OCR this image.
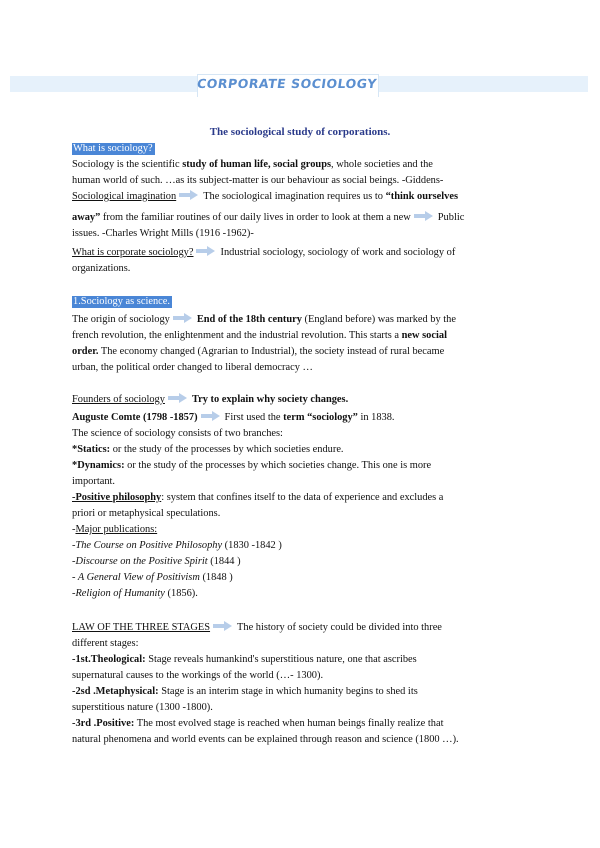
CORPORATE SOCIOLOGY
The sociological study of corporations.
What is sociology?
Sociology is the scientific study of human life, social groups, whole societies and the
human world of such. …as its subject-matter is our behaviour as social beings. -Giddens-
Sociological imagination	The sociological imagination requires us to “think ourselves
away” from the familiar routines of our daily lives in order to look at them a new	Public
issues. -Charles Wright Mills (1916 -1962)-
What is corporate sociology?	Industrial sociology, sociology of work and sociology of
organizations.
1.Sociology as science.
The origin of sociology	End of the 18th century (England before) was marked by the
french revolution, the enlightenment and the industrial revolution. This starts a new social
order. The economy changed (Agrarian to Industrial), the society instead of rural became
urban, the political order changed to liberal democracy …
Founders of sociology	Try to explain why society changes.
Auguste Comte (1798 -1857)	First used the term “sociology” in 1838.
The science of sociology consists of two branches:
*Statics: or the study of the processes by which societies endure.
*Dynamics: or the study of the processes by which societies change. This one is more
important.
-Positive philosophy: system that confines itself to the data of experience and excludes a
priori or metaphysical speculations.
-Major publications:
-The Course on Positive Philosophy (1830 -1842 )
-Discourse on the Positive Spirit (1844 )
- A General View of Positivism (1848 )
-Religion of Humanity (1856).
LAW OF THE THREE STAGES	The history of society could be divided into three
different stages:
-1st.Theological: Stage reveals humankind's superstitious nature, one that ascribes
supernatural causes to the workings of the world (…- 1300).
-2sd .Metaphysical: Stage is an interim stage in which humanity begins to shed its
superstitious nature (1300 -1800).
-3rd .Positive: The most evolved stage is reached when human beings finally realize that
natural phenomena and world events can be explained through reason and science (1800 …).
